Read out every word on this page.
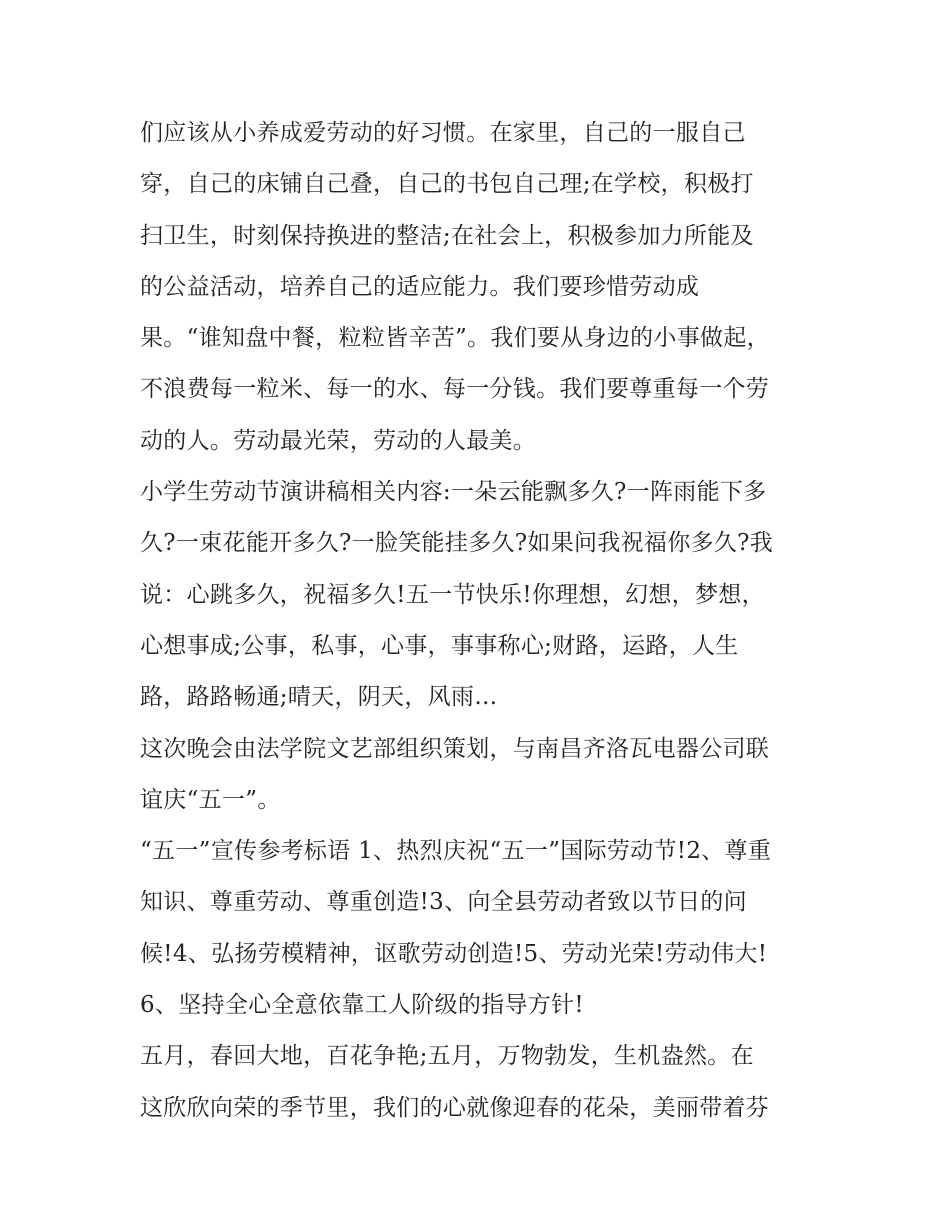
们应该从小养成爱劳动的好习惯。在家里，自己的一服自己
穿，自己的床铺自己叠，自己的书包自己理;在学校，积极打
扫卫生，时刻保持换进的整洁;在社会上，积极参加力所能及
的公益活动，培养自己的适应能力。我们要珍惜劳动成
果。“谁知盘中餐，粒粒皆辛苦”。我们要从身边的小事做起，
不浪费每一粒米、每一的水、每一分钱。我们要尊重每一个劳
动的人。劳动最光荣，劳动的人最美。
小学生劳动节演讲稿相关内容:一朵云能飘多久?一阵雨能下多
久?一束花能开多久?一脸笑能挂多久?如果问我祝福你多久?我
说：心跳多久，祝福多久!五一节快乐!你理想，幻想，梦想，
心想事成;公事，私事，心事，事事称心;财路，运路，人生
路，路路畅通;晴天，阴天，风雨…
这次晚会由法学院文艺部组织策划，与南昌齐洛瓦电器公司联
谊庆“五一”。
“五一”宣传参考标语 1、热烈庆祝“五一”国际劳动节!2、尊重
知识、尊重劳动、尊重创造!3、向全县劳动者致以节日的问
候!4、弘扬劳模精神，讴歌劳动创造!5、劳动光荣!劳动伟大!
6、坚持全心全意依靠工人阶级的指导方针!
五月，春回大地，百花争艳;五月，万物勃发，生机盎然。在
这欣欣向荣的季节里，我们的心就像迎春的花朵，美丽带着芬
